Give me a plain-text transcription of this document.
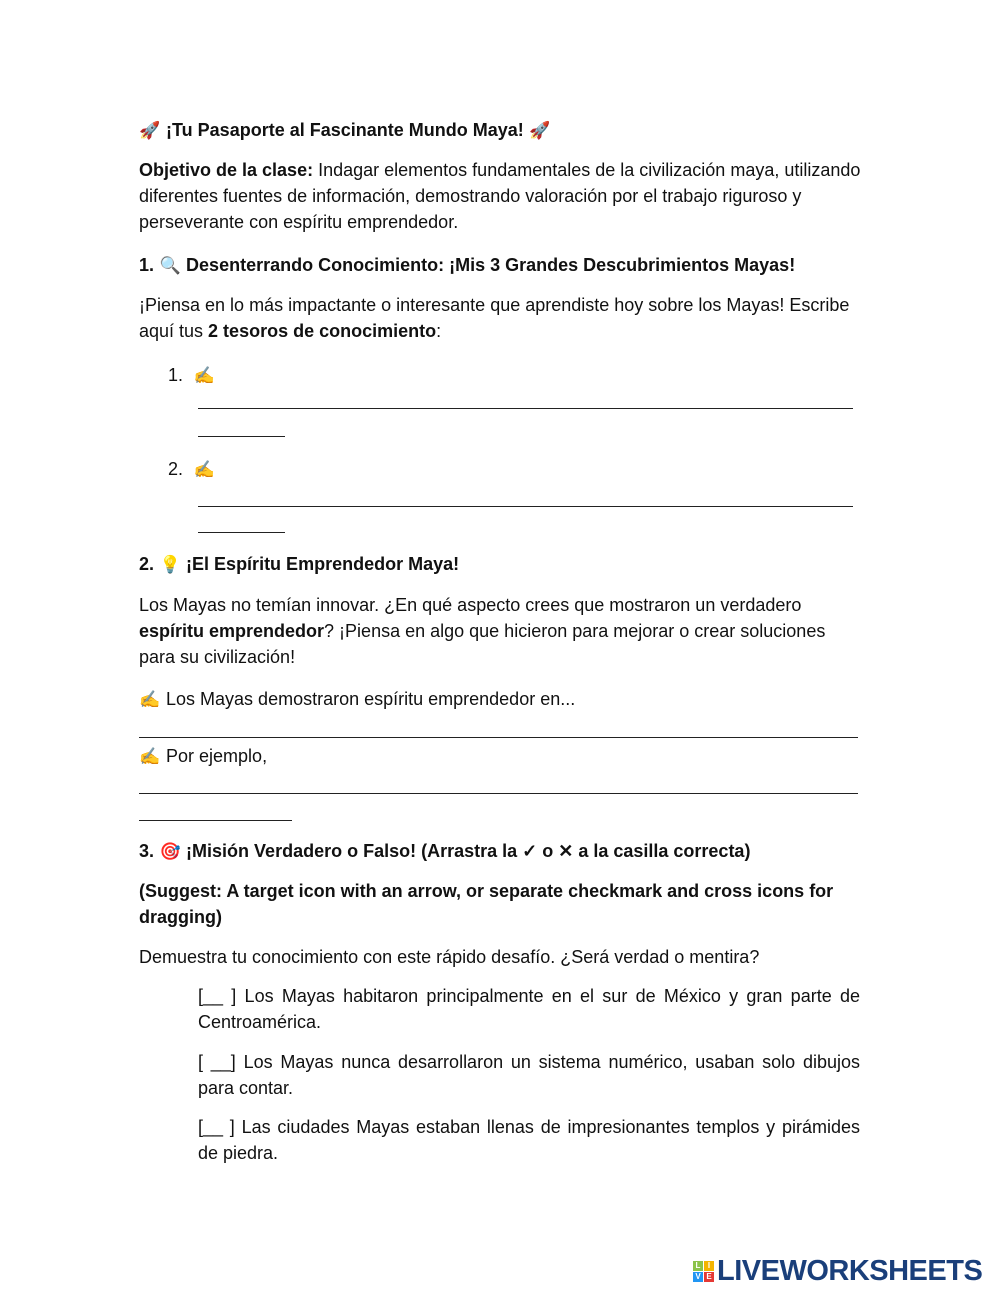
🚀 ¡Tu Pasaporte al Fascinante Mundo Maya! 🚀
Objetivo de la clase: Indagar elementos fundamentales de la civilización maya, utilizando diferentes fuentes de información, demostrando valoración por el trabajo riguroso y perseverante con espíritu emprendedor.
1. 🔍 Desenterrando Conocimiento: ¡Mis 3 Grandes Descubrimientos Mayas!
¡Piensa en lo más impactante o interesante que aprendiste hoy sobre los Mayas! Escribe aquí tus 2 tesoros de conocimiento:
1. ✍
2. ✍
2. 💡 ¡El Espíritu Emprendedor Maya!
Los Mayas no temían innovar. ¿En qué aspecto crees que mostraron un verdadero espíritu emprendedor? ¡Piensa en algo que hicieron para mejorar o crear soluciones para su civilización!
✍ Los Mayas demostraron espíritu emprendedor en...
✍ Por ejemplo,
3. 🎯 ¡Misión Verdadero o Falso! (Arrastra la ✓ o ✕ a la casilla correcta)
(Suggest: A target icon with an arrow, or separate checkmark and cross icons for dragging)
Demuestra tu conocimiento con este rápido desafío. ¿Será verdad o mentira?
[__ ] Los Mayas habitaron principalmente en el sur de México y gran parte de Centroamérica.
[ __] Los Mayas nunca desarrollaron un sistema numérico, usaban solo dibujos para contar.
[__ ] Las ciudades Mayas estaban llenas de impresionantes templos y pirámides de piedra.
L I
V E LIVEWORKSHEETS
